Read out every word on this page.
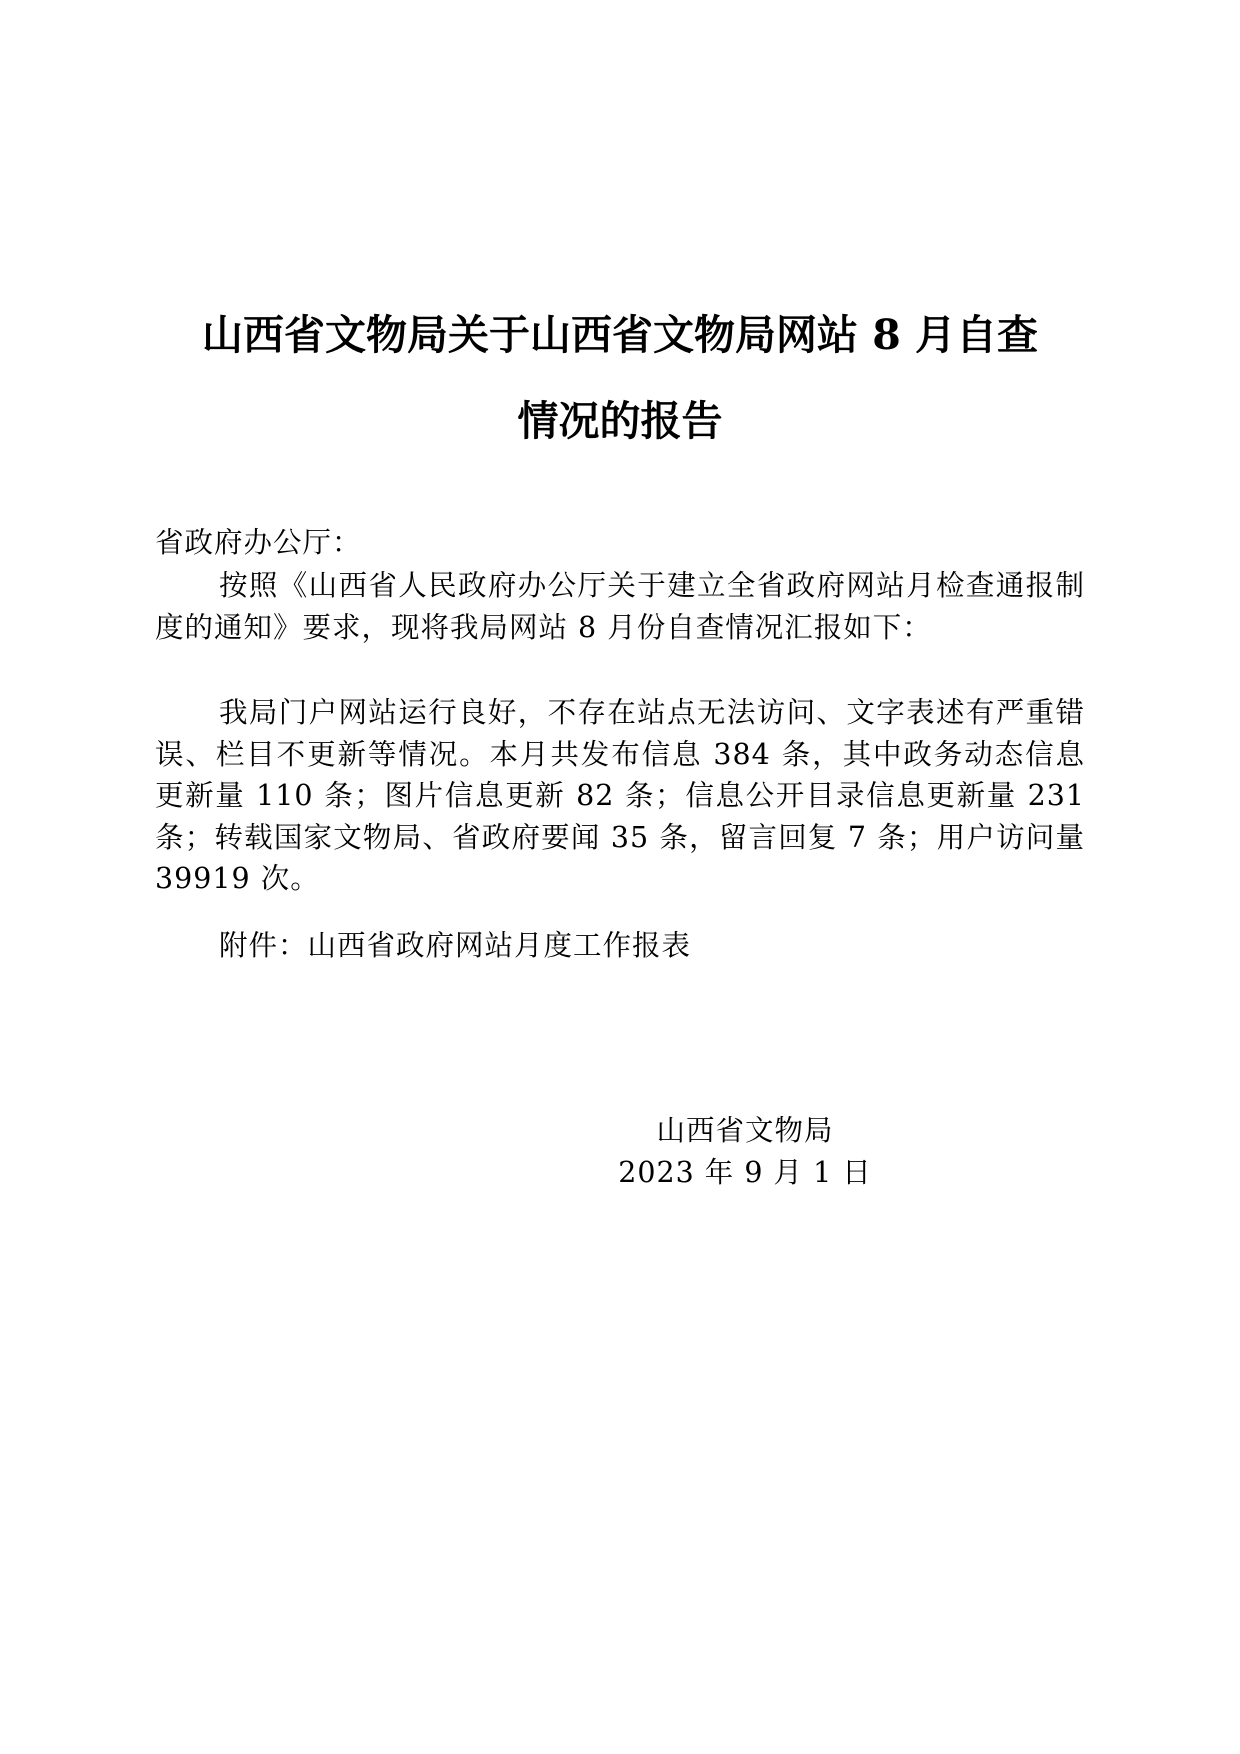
山西省文物局关于山西省文物局网站 8 月自查
情况的报告
省政府办公厅：
按照《山西省人民政府办公厅关于建立全省政府网站月检查通报制度的通知》要求，现将我局网站 8 月份自查情况汇报如下：
我局门户网站运行良好，不存在站点无法访问、文字表述有严重错误、栏目不更新等情况。本月共发布信息 384 条，其中政务动态信息更新量 110 条；图片信息更新 82 条；信息公开目录信息更新量 231 条；转载国家文物局、省政府要闻 35 条，留言回复 7 条；用户访问量 39919 次。
附件：山西省政府网站月度工作报表
山西省文物局
2023 年 9 月 1 日
